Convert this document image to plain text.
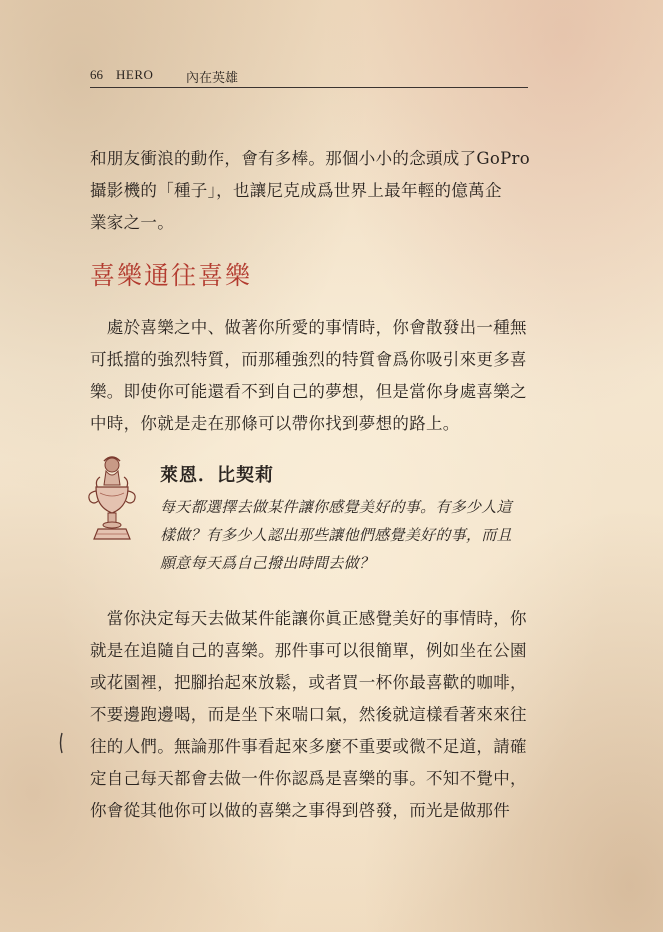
66 HERO	內在英雄
和朋友衝浪的動作，會有多棒。那個小小的念頭成了GoPro
攝影機的「種子」，也讓尼克成爲世界上最年輕的億萬企
業家之一。
喜樂通往喜樂
　處於喜樂之中、做著你所愛的事情時，你會散發出一種無
可抵擋的強烈特質，而那種強烈的特質會爲你吸引來更多喜
樂。即使你可能還看不到自己的夢想，但是當你身處喜樂之
中時，你就是走在那條可以帶你找到夢想的路上。
萊恩．比契莉
每天都選擇去做某件讓你感覺美好的事。有多少人這
樣做？有多少人認出那些讓他們感覺美好的事，而且
願意每天爲自己撥出時間去做？
　當你決定每天去做某件能讓你眞正感覺美好的事情時，你
就是在追隨自己的喜樂。那件事可以很簡單，例如坐在公園
或花園裡，把腳抬起來放鬆，或者買一杯你最喜歡的咖啡，
不要邊跑邊喝，而是坐下來喘口氣，然後就這樣看著來來往
往的人們。無論那件事看起來多麼不重要或微不足道，請確
定自己每天都會去做一件你認爲是喜樂的事。不知不覺中，
你會從其他你可以做的喜樂之事得到啓發，而光是做那件
